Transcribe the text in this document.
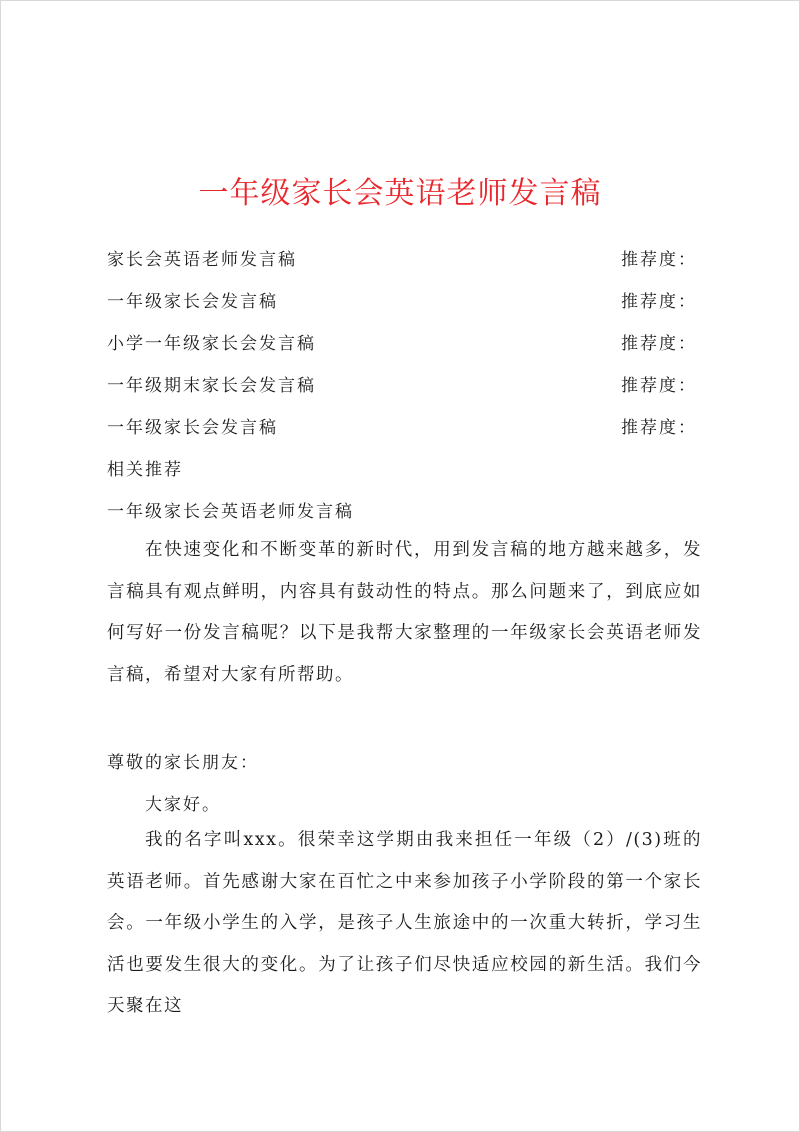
一年级家长会英语老师发言稿
家长会英语老师发言稿	推荐度：
一年级家长会发言稿	推荐度：
小学一年级家长会发言稿	推荐度：
一年级期末家长会发言稿	推荐度：
一年级家长会发言稿	推荐度：
相关推荐
一年级家长会英语老师发言稿

在快速变化和不断变革的新时代，用到发言稿的地方越来越多，发言稿具有观点鲜明，内容具有鼓动性的特点。那么问题来了，到底应如何写好一份发言稿呢？以下是我帮大家整理的一年级家长会英语老师发言稿，希望对大家有所帮助。

尊敬的家长朋友：
大家好。

我的名字叫xxx。很荣幸这学期由我来担任一年级（2）/(3)班的英语老师。首先感谢大家在百忙之中来参加孩子小学阶段的第一个家长会。一年级小学生的入学，是孩子人生旅途中的一次重大转折，学习生活也要发生很大的变化。为了让孩子们尽快适应校园的新生活。我们今天聚在这
